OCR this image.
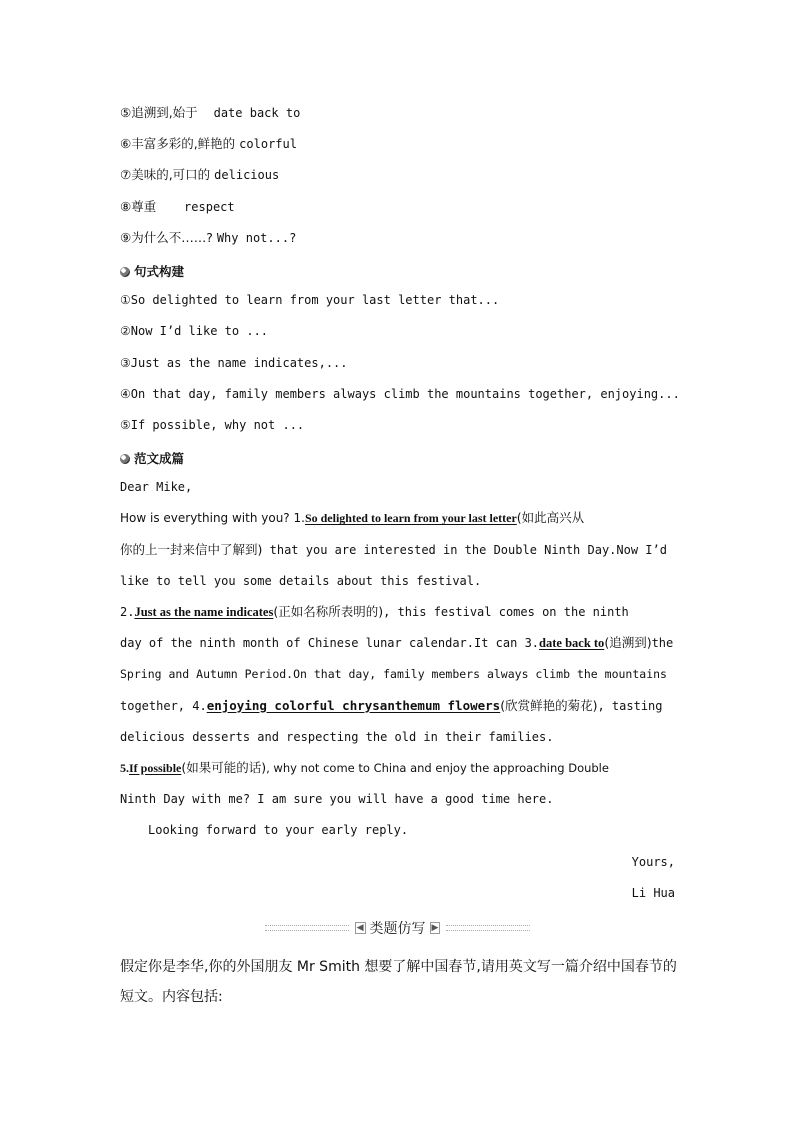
⑤追溯到,始于 date back to
⑥丰富多彩的,鲜艳的 colorful
⑦美味的,可口的 delicious
⑧尊重 respect
⑨为什么不……? Why not...?
句式构建
①So delighted to learn from your last letter that...
②Now I’d like to ...
③Just as the name indicates,...
④On that day, family members always climb the mountains together, enjoying...
⑤If possible, why not ...
范文成篇
Dear Mike,
How is everything with you? 1.So delighted to learn from your last letter(如此高兴从
你的上一封来信中了解到) that you are interested in the Double Ninth Day.Now I’d
like to tell you some details about this festival.
2.Just as the name indicates(正如名称所表明的), this festival comes on the ninth
day of the ninth month of Chinese lunar calendar.It can 3.date back to(追溯到)the
Spring and Autumn Period.On that day, family members always climb the mountains
together, 4.enjoying colorful chrysanthemum flowers(欣赏鲜艳的菊花), tasting
delicious desserts and respecting the old in their families.
5.If possible(如果可能的话), why not come to China and enjoy the approaching Double
Ninth Day with me? I am sure you will have a good time here.
Looking forward to your early reply.
Yours,
Li Hua
◀ 类题仿写 ▶
假定你是李华,你的外国朋友 Mr Smith 想要了解中国春节,请用英文写一篇介绍中国春节的
短文。内容包括:
